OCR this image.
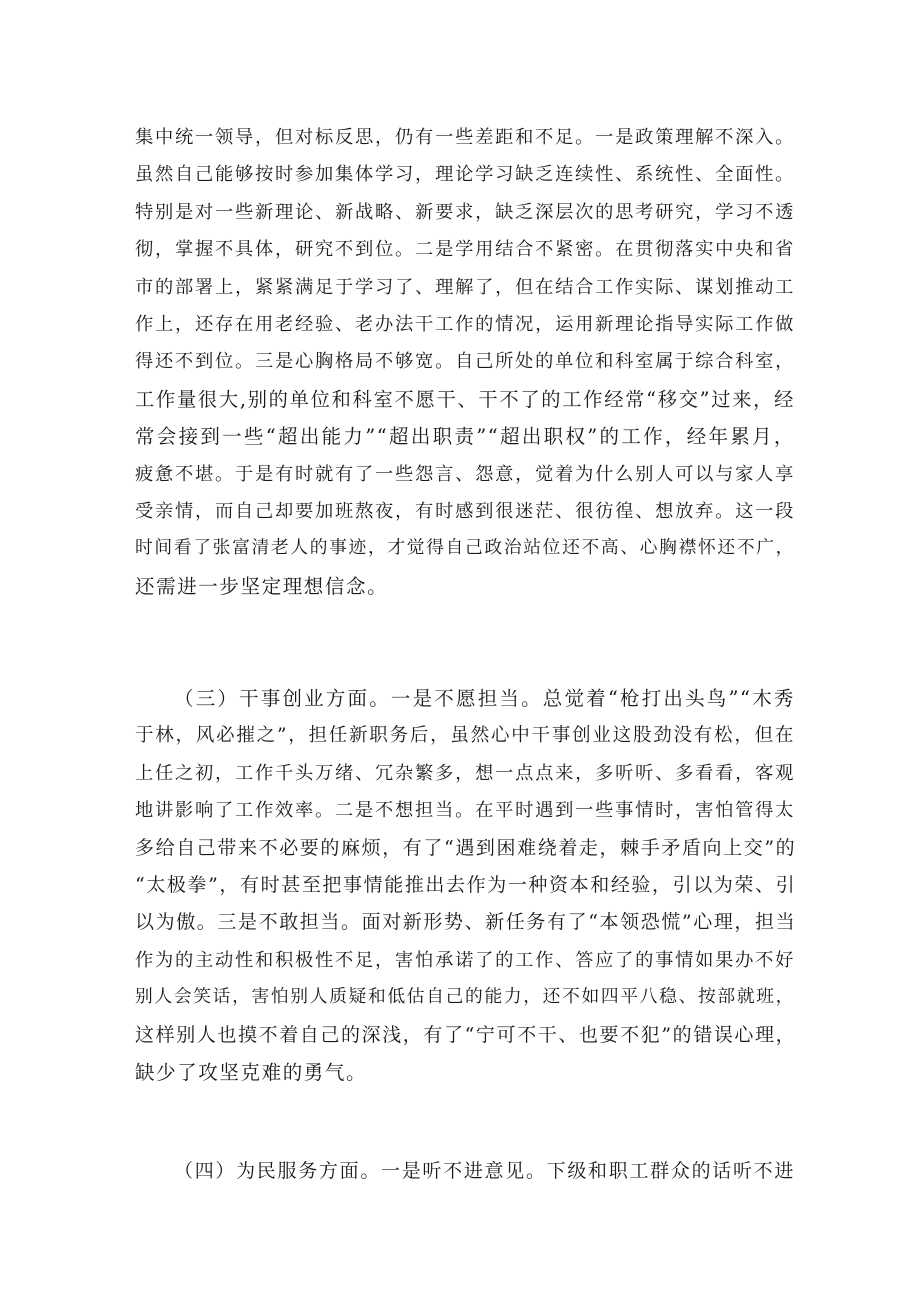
集中统一领导，但对标反思，仍有一些差距和不足。一是政策理解不深入。
虽然自己能够按时参加集体学习，理论学习缺乏连续性、系统性、全面性。
特别是对一些新理论、新战略、新要求，缺乏深层次的思考研究，学习不透
彻，掌握不具体，研究不到位。二是学用结合不紧密。在贯彻落实中央和省
市的部署上，紧紧满足于学习了、理解了，但在结合工作实际、谋划推动工
作上，还存在用老经验、老办法干工作的情况，运用新理论指导实际工作做
得还不到位。三是心胸格局不够宽。自己所处的单位和科室属于综合科室，
工作量很大,别的单位和科室不愿干、干不了的工作经常“移交”过来，经
常会接到一些“超出能力”“超出职责”“超出职权”的工作，经年累月，
疲惫不堪。于是有时就有了一些怨言、怨意，觉着为什么别人可以与家人享
受亲情，而自己却要加班熬夜，有时感到很迷茫、很彷徨、想放弃。这一段
时间看了张富清老人的事迹，才觉得自己政治站位还不高、心胸襟怀还不广，
还需进一步坚定理想信念。
（三）干事创业方面。一是不愿担当。总觉着“枪打出头鸟”“木秀
于林，风必摧之”，担任新职务后，虽然心中干事创业这股劲没有松，但在
上任之初，工作千头万绪、冗杂繁多，想一点点来，多听听、多看看，客观
地讲影响了工作效率。二是不想担当。在平时遇到一些事情时，害怕管得太
多给自己带来不必要的麻烦，有了“遇到困难绕着走，棘手矛盾向上交”的
“太极拳”，有时甚至把事情能推出去作为一种资本和经验，引以为荣、引
以为傲。三是不敢担当。面对新形势、新任务有了“本领恐慌”心理，担当
作为的主动性和积极性不足，害怕承诺了的工作、答应了的事情如果办不好
别人会笑话，害怕别人质疑和低估自己的能力，还不如四平八稳、按部就班，
这样别人也摸不着自己的深浅，有了“宁可不干、也要不犯”的错误心理，
缺少了攻坚克难的勇气。
（四）为民服务方面。一是听不进意见。下级和职工群众的话听不进
